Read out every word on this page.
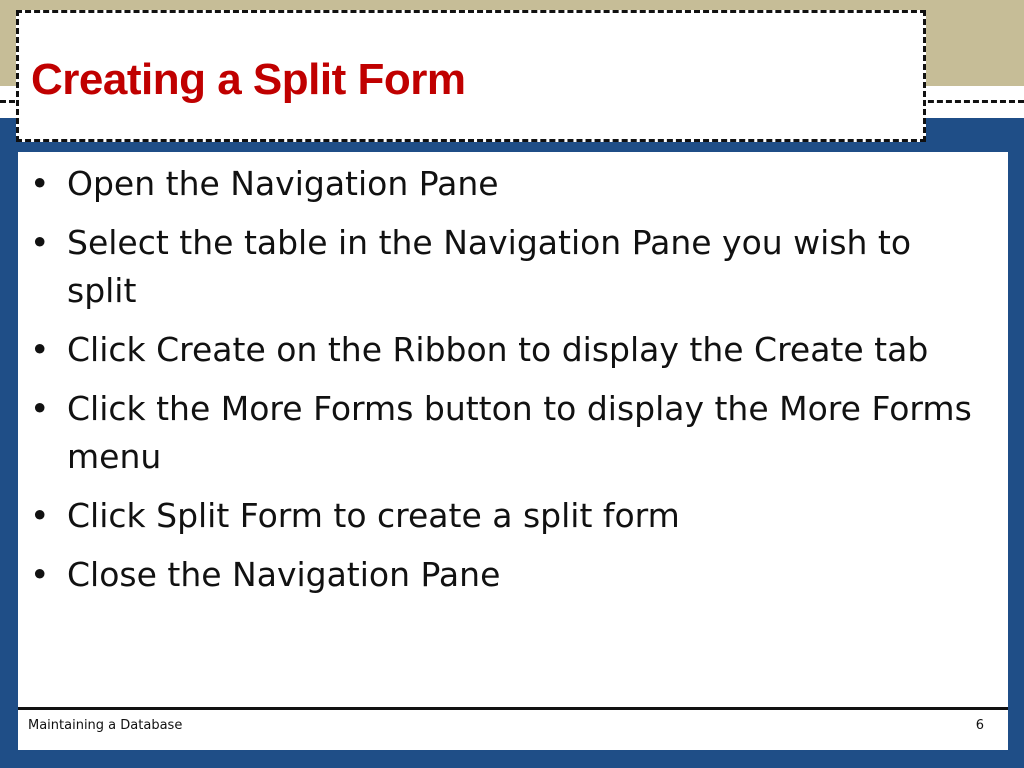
Creating a Split Form
• Open the Navigation Pane
• Select the table in the Navigation Pane you wish to split
• Click Create on the Ribbon to display the Create tab
• Click the More Forms button to display the More Forms menu
• Click Split Form to create a split form
• Close the Navigation Pane
Maintaining a Database	6
